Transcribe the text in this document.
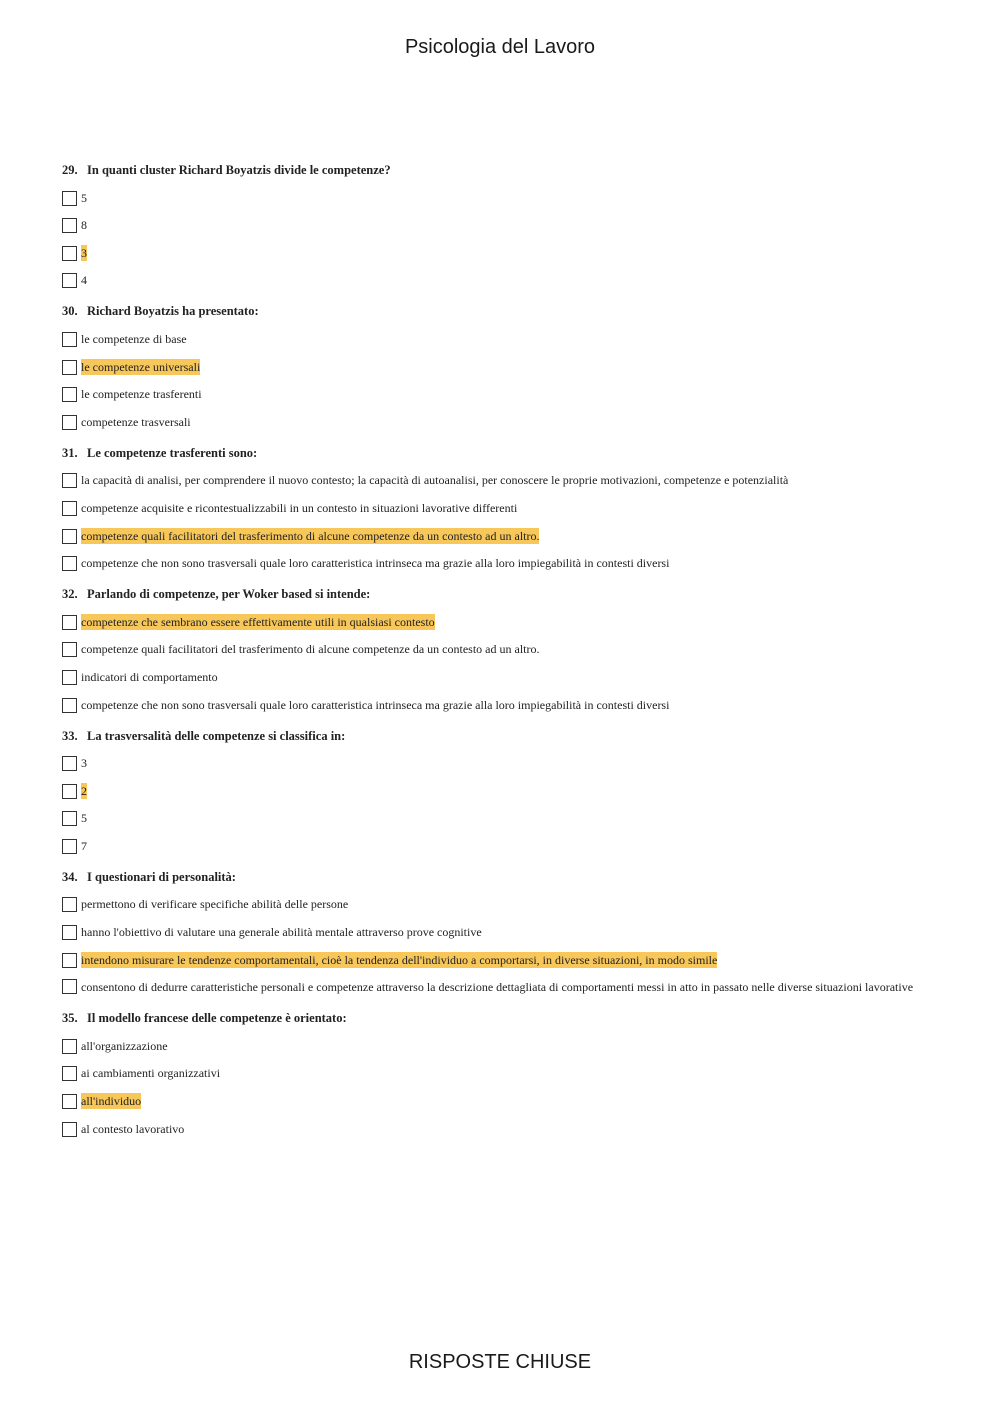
Psicologia del Lavoro
29. In quanti cluster Richard Boyatzis divide le competenze?
5
8
3
4
30. Richard Boyatzis ha presentato:
le competenze di base
le competenze universali
le competenze trasferenti
competenze trasversali
31. Le competenze trasferenti sono:
la capacità di analisi, per comprendere il nuovo contesto; la capacità di autoanalisi, per conoscere le proprie motivazioni, competenze e potenzialità
competenze acquisite e ricontestualizzabili in un contesto in situazioni lavorative differenti
competenze quali facilitatori del trasferimento di alcune competenze da un contesto ad un altro.
competenze che non sono trasversali quale loro caratteristica intrinseca ma grazie alla loro impiegabilità in contesti diversi
32. Parlando di competenze, per Woker based si intende:
competenze che sembrano essere effettivamente utili in qualsiasi contesto
competenze quali facilitatori del trasferimento di alcune competenze da un contesto ad un altro.
indicatori di comportamento
competenze che non sono trasversali quale loro caratteristica intrinseca ma grazie alla loro impiegabilità in contesti diversi
33. La trasversalità delle competenze si classifica in:
3
2
5
7
34. I questionari di personalità:
permettono di verificare specifiche abilità delle persone
hanno l'obiettivo di valutare una generale abilità mentale attraverso prove cognitive
intendono misurare le tendenze comportamentali, cioè la tendenza dell'individuo a comportarsi, in diverse situazioni, in modo simile
consentono di dedurre caratteristiche personali e competenze attraverso la descrizione dettagliata di comportamenti messi in atto in passato nelle diverse situazioni lavorative
35. Il modello francese delle competenze è orientato:
all'organizzazione
ai cambiamenti organizzativi
all'individuo
al contesto lavorativo
RISPOSTE CHIUSE
